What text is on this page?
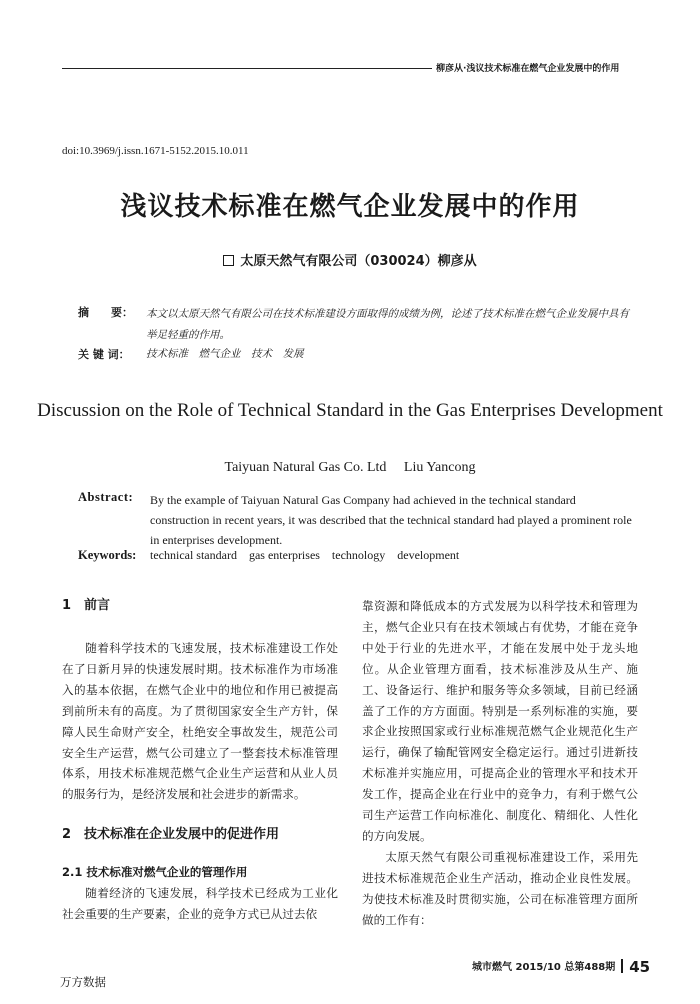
柳彦从·浅议技术标准在燃气企业发展中的作用
doi:10.3969/j.issn.1671-5152.2015.10.011
浅议技术标准在燃气企业发展中的作用
太原天然气有限公司（030024）柳彦从
摘　　要：	本文以太原天然气有限公司在技术标准建设方面取得的成绩为例，论述了技术标准在燃气企业发展中具有举足轻重的作用。
关 键 词： 技术标准　燃气企业　技术　发展
Discussion on the Role of Technical Standard in the Gas Enterprises Development
Taiyuan Natural Gas Co. Ltd     Liu Yancong
Abstract: By the example of Taiyuan Natural Gas Company had achieved in the technical standard construction in recent years, it was described that the technical standard had played a prominent role in enterprises development.
Keywords: technical standard    gas enterprises    technology    development
1　前言

随着科学技术的飞速发展，技术标准建设工作处在了日新月异的快速发展时期。技术标准作为市场准入的基本依据，在燃气企业中的地位和作用已被提高到前所未有的高度。为了贯彻国家安全生产方针，保障人民生命财产安全，杜绝安全事故发生，规范公司安全生产运营，燃气公司建立了一整套技术标准管理体系，用技术标准规范燃气企业生产运营和从业人员的服务行为，是经济发展和社会进步的新需求。

2　技术标准在企业发展中的促进作用
2.1 技术标准对燃气企业的管理作用

随着经济的飞速发展，科学技术已经成为工业化社会重要的生产要素，企业的竞争方式已从过去依

靠资源和降低成本的方式发展为以科学技术和管理为主，燃气企业只有在技术领域占有优势，才能在竞争中处于行业的先进水平，才能在发展中处于龙头地位。从企业管理方面看，技术标准涉及从生产、施工、设备运行、维护和服务等众多领域，目前已经涵盖了工作的方方面面。特别是一系列标准的实施，要求企业按照国家或行业标准规范燃气企业规范化生产运行，确保了输配管网安全稳定运行。通过引进新技术标准并实施应用，可提高企业的管理水平和技术开发工作，提高企业在行业中的竞争力，有利于燃气公司生产运营工作向标准化、制度化、精细化、人性化的方向发展。

太原天然气有限公司重视标准建设工作，采用先进技术标准规范企业生产活动，推动企业良性发展。为使技术标准及时贯彻实施，公司在标准管理方面所做的工作有：

城市燃气 2015/10 总第488期 45
万方数据
